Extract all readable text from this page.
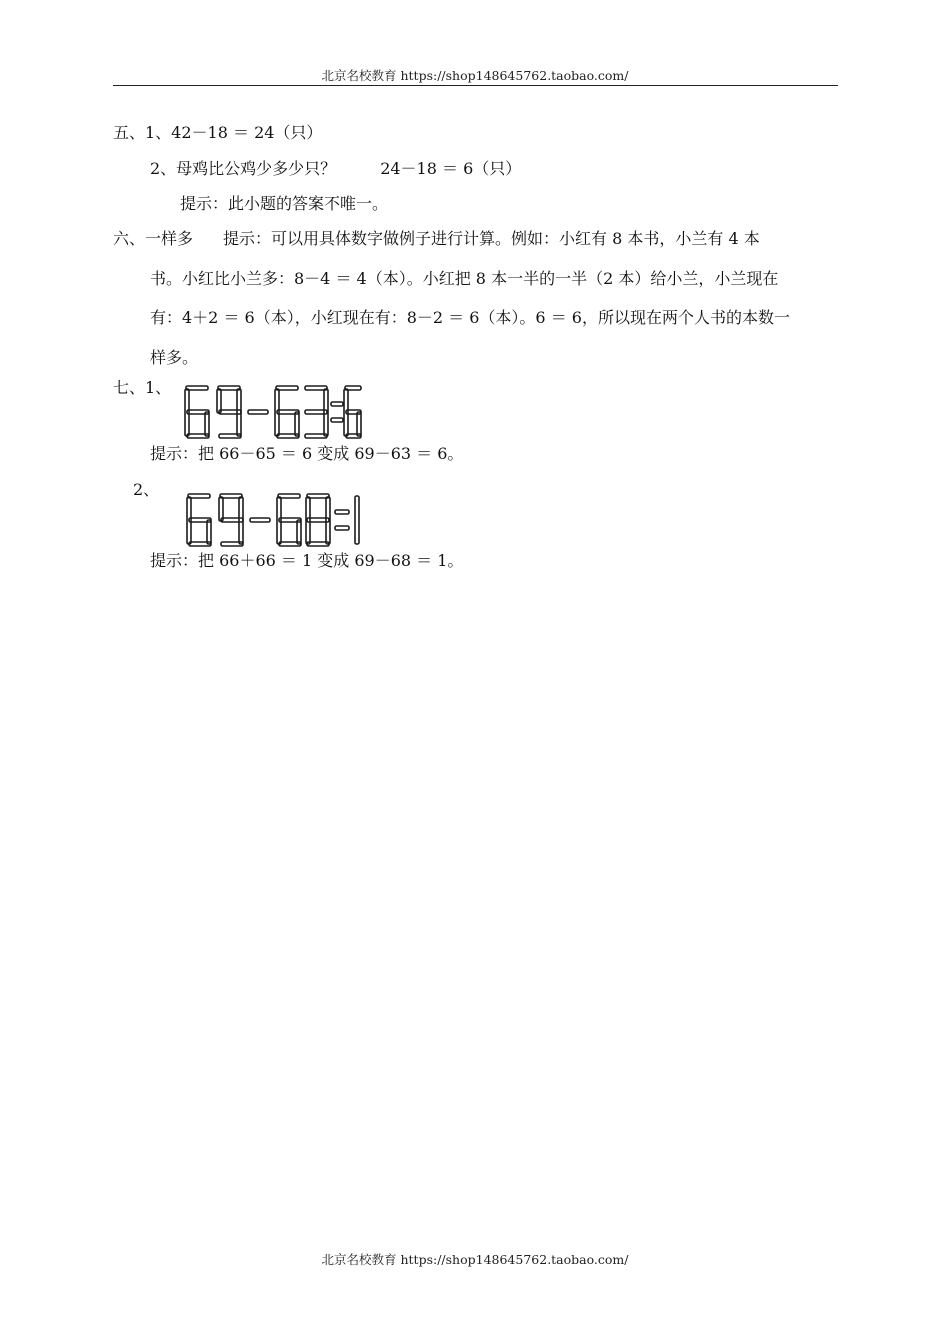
北京名校教育 https://shop148645762.taobao.com/
五、1、42－18 ＝ 24（只）
2、母鸡比公鸡少多少只？	24－18 ＝ 6（只）
提示：此小题的答案不唯一。
六、一样多 提示：可以用具体数字做例子进行计算。例如：小红有 8 本书，小兰有 4 本
书。小红比小兰多：8－4 ＝ 4（本）。小红把 8 本一半的一半（2 本）给小兰，小兰现在
有：4＋2 ＝ 6（本），小红现在有：8－2 ＝ 6（本）。6 ＝ 6，所以现在两个人书的本数一
样多。
七、1、
提示：把 66－65 ＝ 6 变成 69－63 ＝ 6。
2、
提示：把 66＋66 ＝ 1 变成 69－68 ＝ 1。
北京名校教育 https://shop148645762.taobao.com/
